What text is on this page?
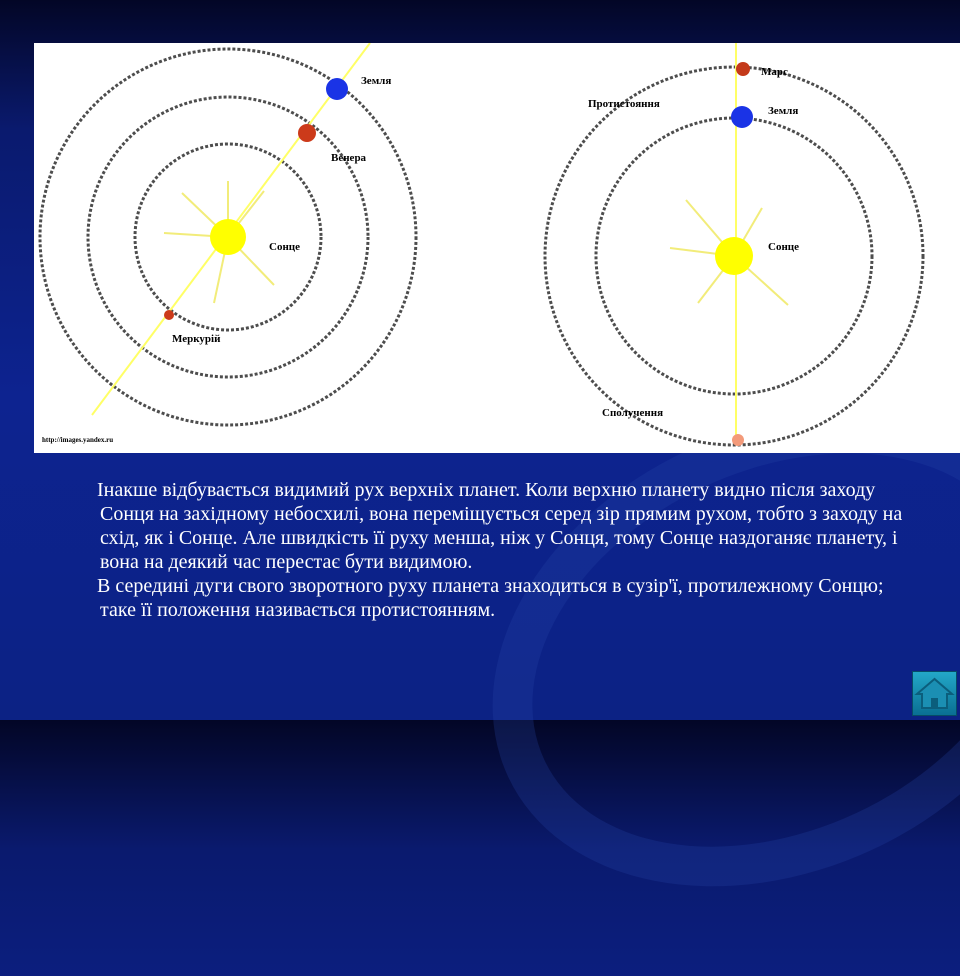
Земля
Венера
Сонце
Меркурій
http://images.yandex.ru
Марс
Протистояння
Земля
Сонце
Сполучення

Інакше відбувається видимий рух верхніх планет. Коли верхню планету видно після заходу Сонця на західному небосхилі, вона переміщується серед зір прямим рухом, тобто з заходу на схід, як і Сонце. Але швидкість її руху менша, ніж у Сонця, тому Сонце наздоганяє планету, і вона на деякий час перестає бути видимою.

В середині дуги свого зворотного руху планета знаходиться в сузір'ї, протилежному Сонцю; таке її положення називається протистоянням.
